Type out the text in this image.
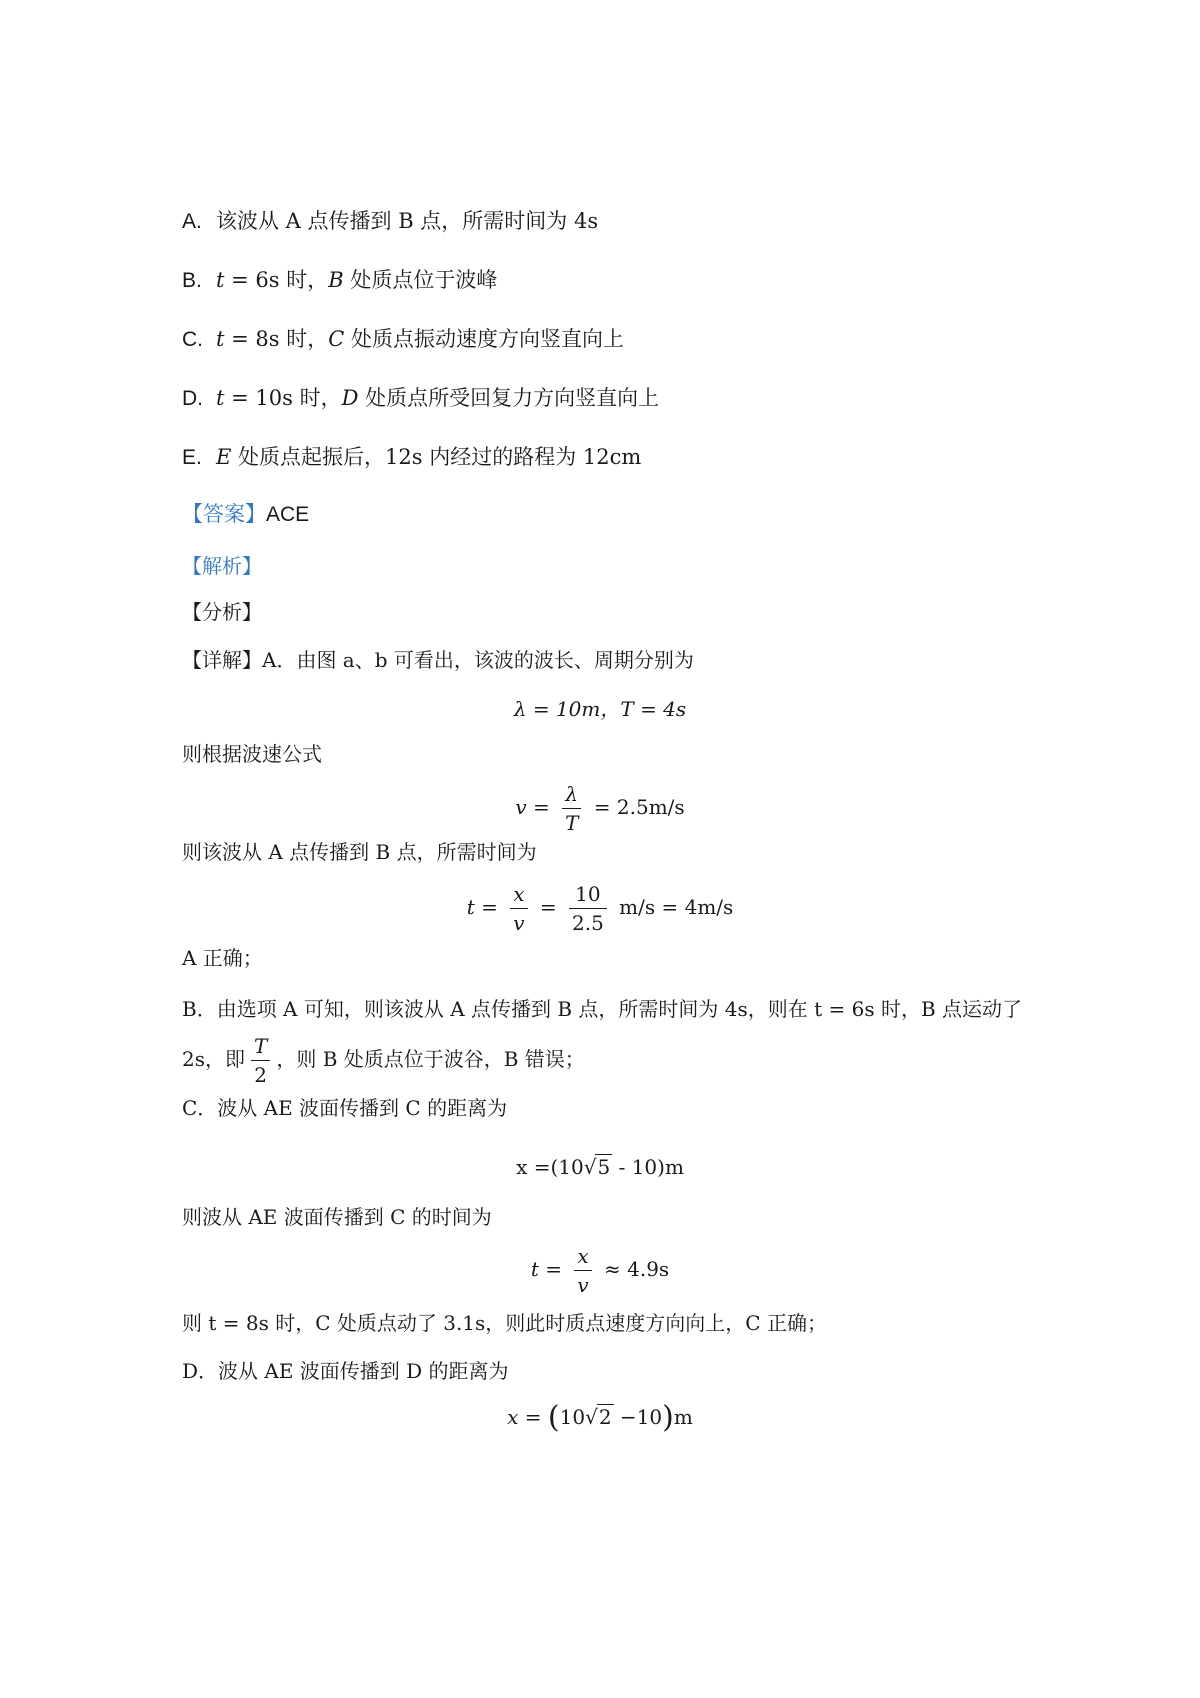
A. 该波从 A 点传播到 B 点，所需时间为 4s
B. t = 6s 时，B 处质点位于波峰
C. t = 8s 时，C 处质点振动速度方向竖直向上
D. t = 10s 时，D 处质点所受回复力方向竖直向上
E. E 处质点起振后，12s 内经过的路程为 12cm
【答案】ACE
【解析】
【分析】
【详解】A．由图 a、b 可看出，该波的波长、周期分别为
λ = 10m，T = 4s
则根据波速公式
$v = \frac{\lambda}{T} = 2.5m/s$
则该波从 A 点传播到 B 点，所需时间为
$t = \frac{x}{v} = \frac{10}{2.5} m/s = 4m/s$
A 正确；
B．由选项 A 可知，则该波从 A 点传播到 B 点，所需时间为 4s，则在 t = 6s 时，B 点运动了
2s，即 $\frac{T}{2}$ ，则 B 处质点位于波谷，B 错误；
C．波从 AE 波面传播到 C 的距离为
x =(10√5 - 10)m
则波从 AE 波面传播到 C 的时间为
$t = \frac{x}{v} \approx 4.9s$
则 t = 8s 时，C 处质点动了 3.1s，则此时质点速度方向向上，C 正确；
D．波从 AE 波面传播到 D 的距离为
x = (10√2 −10)m
